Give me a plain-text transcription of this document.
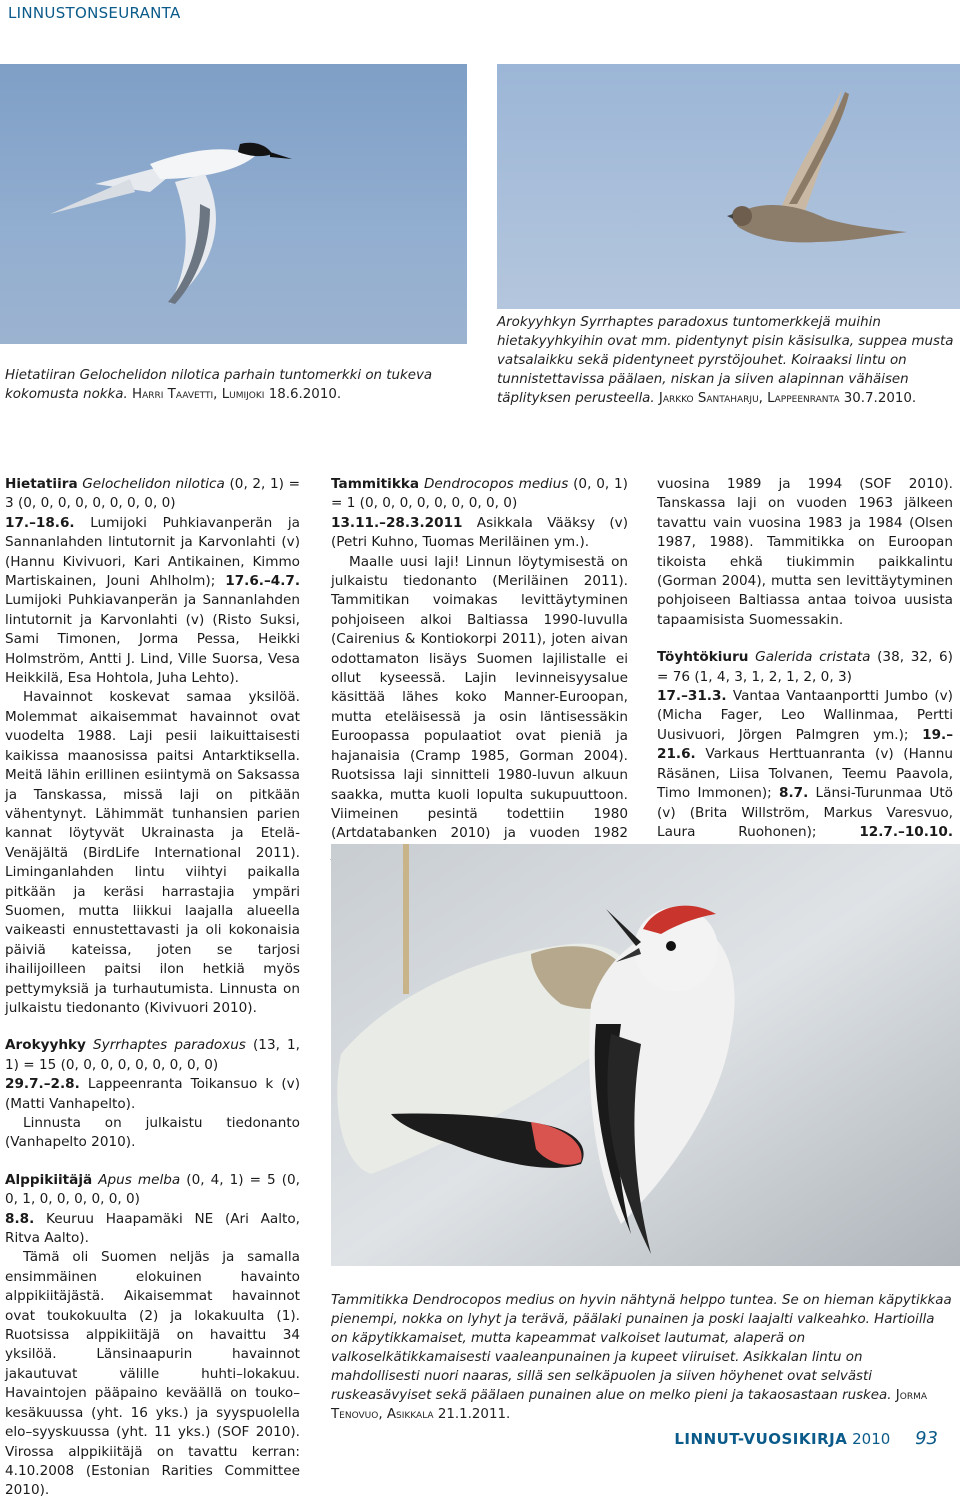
LINNUSTONSEURANTA
Hietatiiran Gelochelidon nilotica parhain tuntomerkki on tukeva kokomusta nokka. Harri Taavetti, Lumijoki 18.6.2010.
Arokyyhkyn Syrrhaptes paradoxus tuntomerkkejä muihin hietakyyhkyihin ovat mm. pidentynyt pisin käsisulka, suppea musta vatsalaikku sekä pidentyneet pyrstöjouhet. Koiraaksi lintu on tunnistettavissa päälaen, niskan ja siiven alapinnan vähäisen täplityksen perusteella. Jarkko Santaharju, Lappeenranta 30.7.2010.

Hietatiira Gelochelidon nilotica (0, 2, 1) = 3 (0, 0, 0, 0, 0, 0, 0, 0, 0)

17.–18.6. Lumijoki Puhkiavanperän ja Sannanlahden lintutornit ja Karvonlahti (v) (Hannu Kivivuori, Kari Antikainen, Kimmo Martiskainen, Jouni Ahlholm); 17.6.–4.7. Lumijoki Puhkiavanperän ja Sannanlahden lintutornit ja Karvonlahti (v) (Risto Suksi, Sami Timonen, Jorma Pessa, Heikki Holmström, Antti J. Lind, Ville Suorsa, Vesa Heikkilä, Esa Hohtola, Juha Lehto).

Havainnot koskevat samaa yksilöä. Molemmat aikaisemmat havainnot ovat vuodelta 1988. Laji pesii laikuittaisesti kaikissa maanosissa paitsi Antarktiksella. Meitä lähin erillinen esiintymä on Saksassa ja Tanskassa, missä laji on pitkään vähentynyt. Lähimmät tunhansien parien kannat löytyvät Ukrainasta ja Etelä-Venäjältä (BirdLife International 2011). Liminganlahden lintu viihtyi paikalla pitkään ja keräsi harrastajia ympäri Suomen, mutta liikkui laajalla alueella vaikeasti ennustettavasti ja oli kokonaisia päiviä kateissa, joten se tarjosi ihailijoilleen paitsi ilon hetkiä myös pettymyksiä ja turhautumista. Linnusta on julkaistu tiedonanto (Kivivuori 2010).

Arokyyhky Syrrhaptes paradoxus (13, 1, 1) = 15 (0, 0, 0, 0, 0, 0, 0, 0, 0)

29.7.–2.8. Lappeenranta Toikansuo k (v) (Matti Vanhapelto).

Linnusta on julkaistu tiedonanto (Vanhapelto 2010).

Alppikiitäjä Apus melba (0, 4, 1) = 5 (0, 0, 1, 0, 0, 0, 0, 0, 0)

8.8. Keuruu Haapamäki NE (Ari Aalto, Ritva Aalto).

Tämä oli Suomen neljäs ja samalla ensimmäinen elokuinen havainto alppikiitäjästä. Aikaisemmat havainnot ovat toukokuulta (2) ja lokakuulta (1). Ruotsissa alppikiitäjä on havaittu 34 yksilöä. Länsinaapurin havainnot jakautuvat välille huhti–lokakuu. Havaintojen pääpaino keväällä on touko–kesäkuussa (yht. 16 yks.) ja syyspuolella elo–syyskuussa (yht. 11 yks.) (SOF 2010). Virossa alppikiitäjä on tavattu kerran: 4.10.2008 (Estonian Rarities Committee 2010).

Tammitikka Dendrocopos medius (0, 0, 1) = 1 (0, 0, 0, 0, 0, 0, 0, 0, 0)

13.11.–28.3.2011 Asikkala Vääksy (v) (Petri Kuhno, Tuomas Meriläinen ym.).

Maalle uusi laji! Linnun löytymisestä on julkaistu tiedonanto (Meriläinen 2011). Tammitikan voimakas levittäytyminen pohjoiseen alkoi Baltiassa 1990-luvulla (Cairenius & Kontiokorpi 2011), joten aivan odottamaton lisäys Suomen lajilistalle ei ollut kyseessä. Lajin levinneisyysalue käsittää lähes koko Manner-Euroopan, mutta eteläisessä ja osin läntisessäkin Euroopassa populaatiot ovat pieniä ja hajanaisia (Cramp 1985, Gorman 2004). Ruotsissa laji sinnitteli 1980-luvun alkuun saakka, mutta kuoli lopulta sukupuuttoon. Viimeinen pesintä todettiin 1980 (Artdatabanken 2010) ja vuoden 1982

vuosina 1989 ja 1994 (SOF 2010). Tanskassa laji on vuoden 1963 jälkeen tavattu vain vuosina 1983 ja 1984 (Olsen 1987, 1988). Tammitikka on Euroopan tikoista ehkä tiukimmin paikkalintu (Gorman 2004), mutta sen levittäytyminen pohjoiseen Baltiassa antaa toivoa uusista tapaamisista Suomessakin.

Töyhtökiuru Galerida cristata (38, 32, 6) = 76 (1, 4, 3, 1, 2, 1, 2, 0, 3)

17.–31.3. Vantaa Vantaanportti Jumbo (v) (Micha Fager, Leo Wallinmaa, Pertti Uusivuori, Jörgen Palmgren ym.); 19.–21.6. Varkaus Herttuanranta (v) (Hannu Räsänen, Liisa Tolvanen, Teemu Paavola, Timo Immonen); 8.7. Länsi-Turunmaa Utö (v) (Brita Willström, Markus Varesvuo, Laura Ruohonen); 12.7.–10.10.

Tammitikka Dendrocopos medius on hyvin nähtynä helppo tuntea. Se on hieman käpytikkaa pienempi, nokka on lyhyt ja terävä, päälaki punainen ja poski laajalti valkeahko. Hartioilla on käpytikkamaiset, mutta kapeammat valkoiset lautumat, alaperä on valkoselkätikkamaisesti vaaleanpunainen ja kupeet viiruiset. Asikkalan lintu on mahdollisesti nuori naaras, sillä sen selkäpuolen ja siiven höyhenet ovat selvästi ruskeasävyiset sekä päälaen punainen alue on melko pieni ja takaosastaan ruskea. Jorma Tenovuo, Asikkala 21.1.2011.
LINNUT-VUOSIKIRJA 2010 93
